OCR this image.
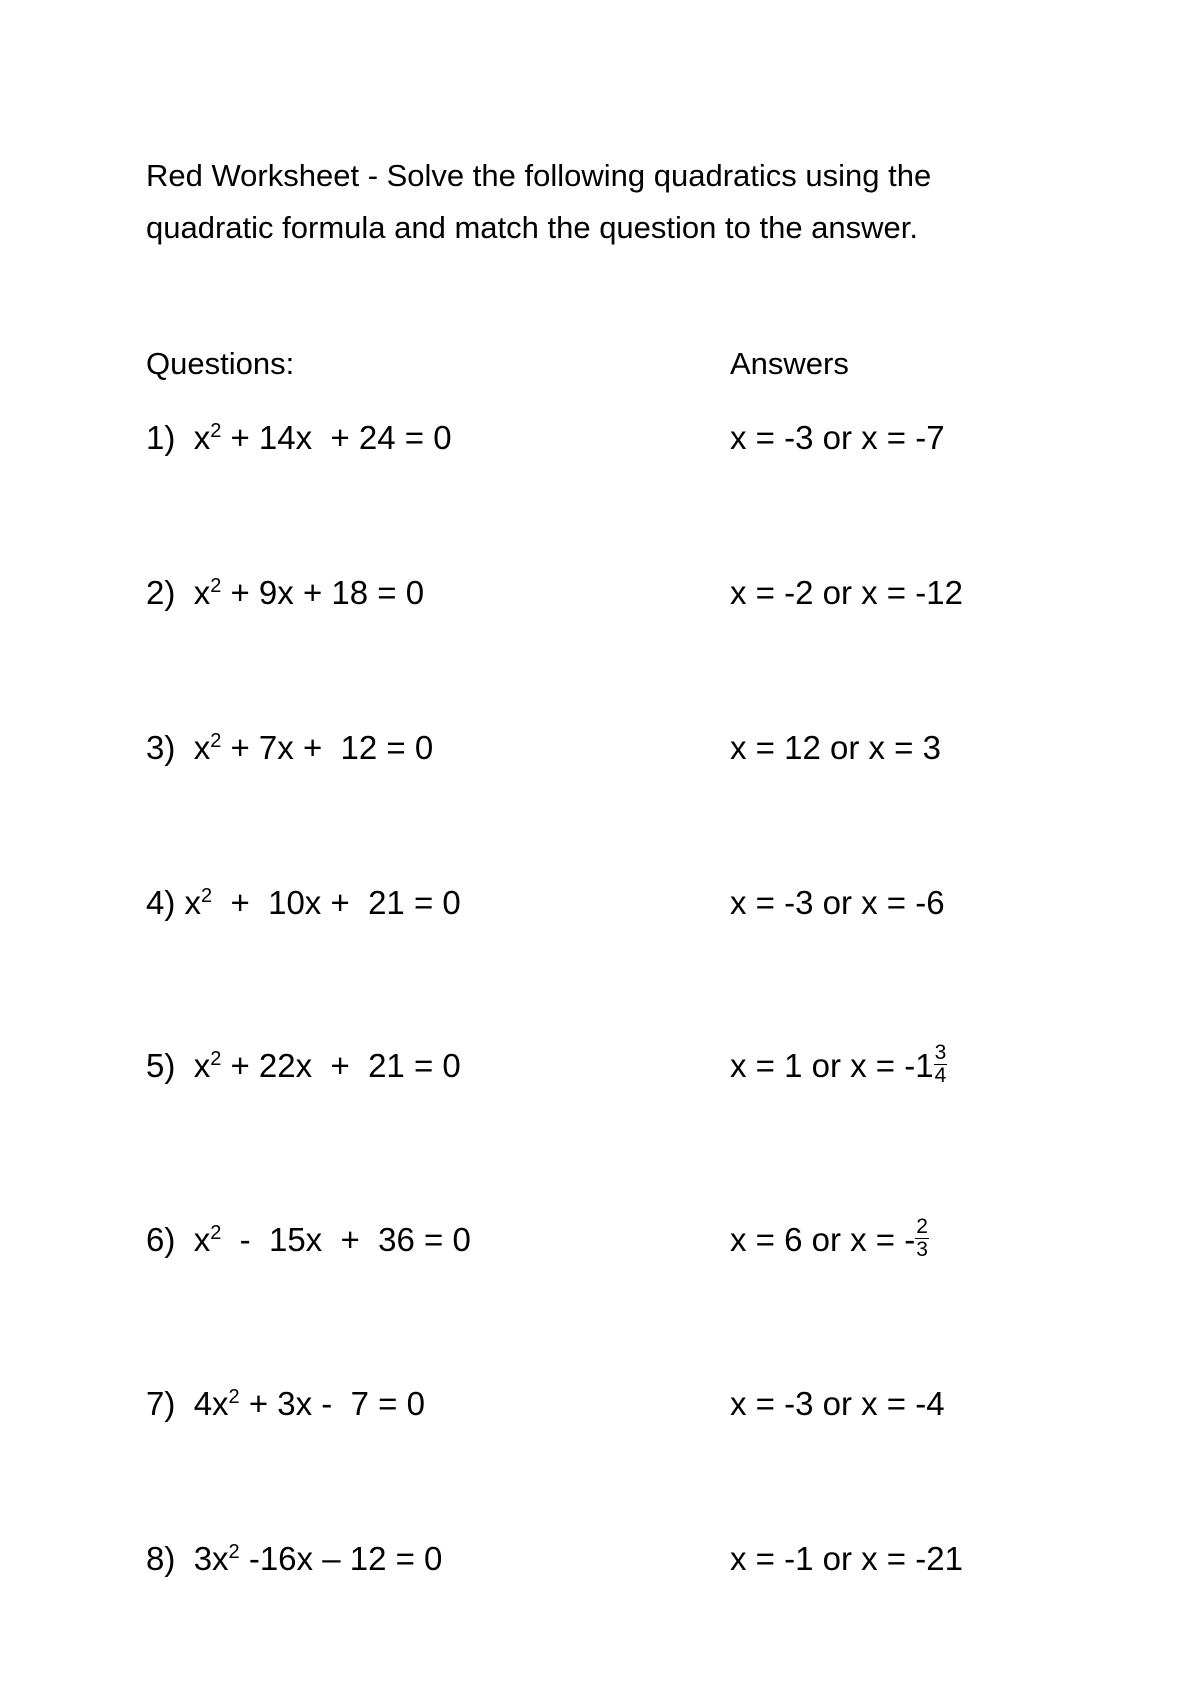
Red Worksheet - Solve the following quadratics using the
quadratic formula and match the question to the answer.

Questions:	Answers

1) $x^2 + 14x + 24 = 0$
2) $x^2 + 9x + 18 = 0$
3) $x^2 + 7x + 12 = 0$
4) $x^2 + 10x + 21 = 0$
5) $x^2 + 22x + 21 = 0$
6) $x^2 - 15x + 36 = 0$
7) $4x^2 + 3x - 7 = 0$
8) $3x^2$ -16x – 12 = 0
x = -3 or x = -7
x = -2 or x = -12
x = 12 or x = 3
x = -3 or x = -6
x = 1 or $x = -1 \frac{3}{4}$
x = 6 or x = - $\frac{2}{3}$
x = -3 or x = -4
x = -1 or x = -21
